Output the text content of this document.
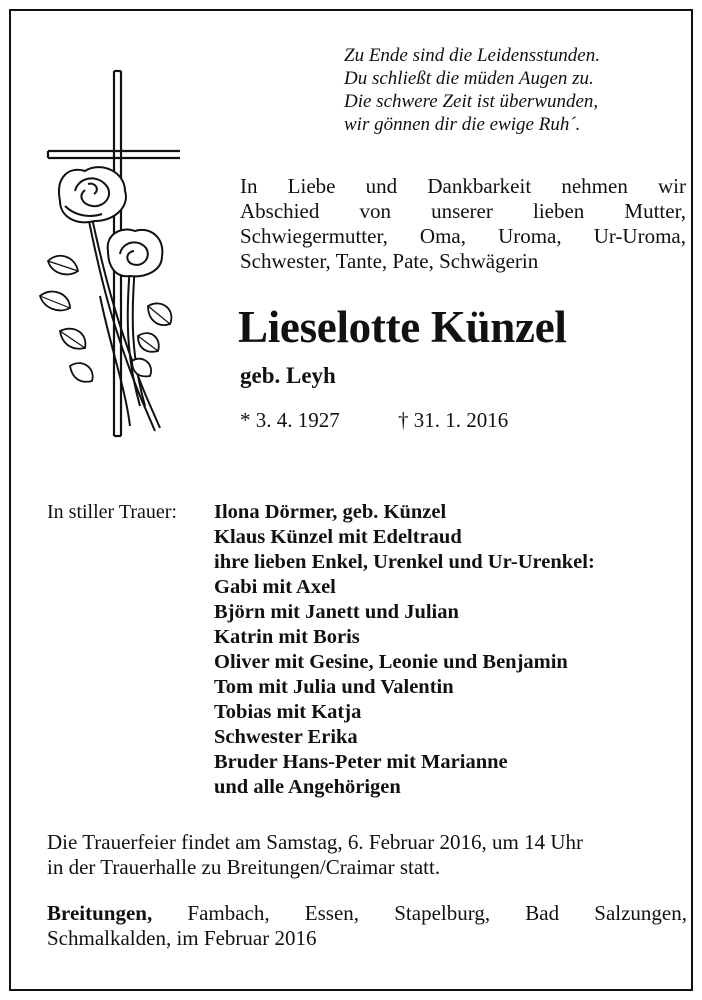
Zu Ende sind die Leidensstunden.
Du schließt die müden Augen zu.
Die schwere Zeit ist überwunden,
wir gönnen dir die ewige Ruh´.
In Liebe und Dankbarkeit nehmen wir
Abschied von unserer lieben Mutter,
Schwiegermutter, Oma, Uroma, Ur-Uroma,
Schwester, Tante, Pate, Schwägerin
Lieselotte Künzel
geb. Leyh
* 3. 4. 1927	† 31. 1. 2016
In stiller Trauer: Ilona Dörmer, geb. Künzel
Klaus Künzel mit Edeltraud
ihre lieben Enkel, Urenkel und Ur-Urenkel:
Gabi mit Axel
Björn mit Janett und Julian
Katrin mit Boris
Oliver mit Gesine, Leonie und Benjamin
Tom mit Julia und Valentin
Tobias mit Katja
Schwester Erika
Bruder Hans-Peter mit Marianne
und alle Angehörigen
Die Trauerfeier findet am Samstag, 6. Februar 2016, um 14 Uhr
in der Trauerhalle zu Breitungen/Craimar statt.
Breitungen, Fambach, Essen, Stapelburg, Bad Salzungen,
Schmalkalden, im Februar 2016
